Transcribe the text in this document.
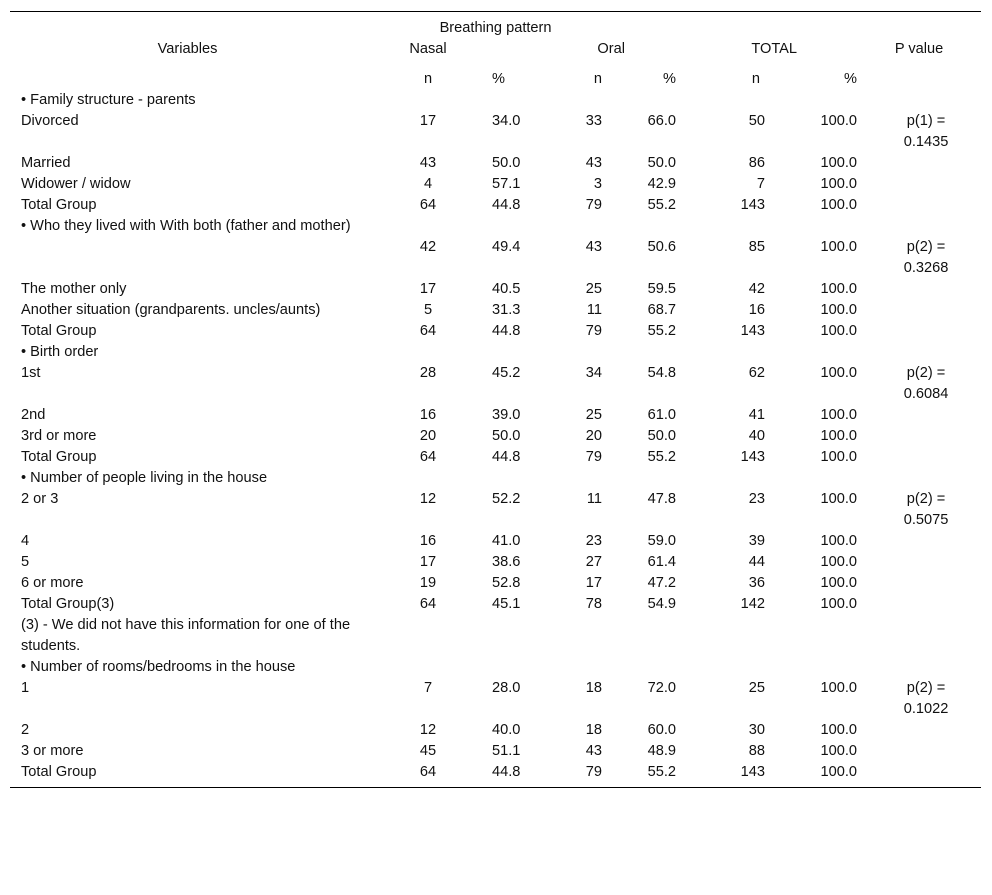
Breathing pattern							
Variables	Nasal		Oral		TOTAL		P value
	n	%	n	%	n	%	
• Family structure - parents							
Divorced	17	34.0	33	66.0	50	100.0	p(1) = 0.1435
Married	43	50.0	43	50.0	86	100.0	
Widower / widow	4	57.1	3	42.9	7	100.0	
Total Group	64	44.8	79	55.2	143	100.0	
• Who they lived with With both (father and mother)							
	42	49.4	43	50.6	85	100.0	p(2) = 0.3268
The mother only	17	40.5	25	59.5	42	100.0	
Another situation (grandparents. uncles/aunts)	5	31.3	11	68.7	16	100.0	
Total Group	64	44.8	79	55.2	143	100.0	
• Birth order							
1st	28	45.2	34	54.8	62	100.0	p(2) = 0.6084
2nd	16	39.0	25	61.0	41	100.0	
3rd or more	20	50.0	20	50.0	40	100.0	
Total Group	64	44.8	79	55.2	143	100.0	
• Number of people living in the house							
2 or 3	12	52.2	11	47.8	23	100.0	p(2) = 0.5075
4	16	41.0	23	59.0	39	100.0	
5	17	38.6	27	61.4	44	100.0	
6 or more	19	52.8	17	47.2	36	100.0	
Total Group(3)	64	45.1	78	54.9	142	100.0	
(3) - We did not have this information for one of the students.							
• Number of rooms/bedrooms in the house							
1	7	28.0	18	72.0	25	100.0	p(2) = 0.1022
2	12	40.0	18	60.0	30	100.0	
3 or more	45	51.1	43	48.9	88	100.0	
Total Group	64	44.8	79	55.2	143	100.0	
